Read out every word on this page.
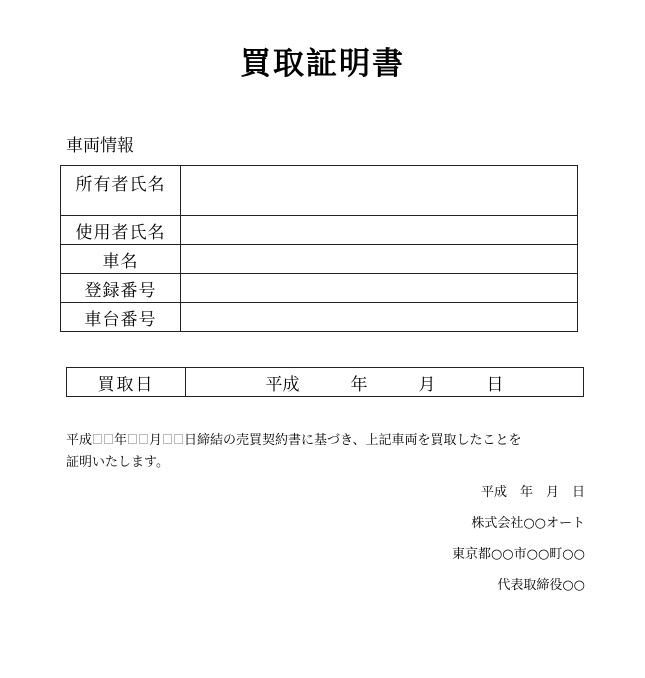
買取証明書
車両情報
所有者氏名	
使用者氏名	
車名	
登録番号	
車台番号	
買取日	平成　　　年　　　月　　　日
平成 年 月 日締結の売買契約書に基づき、上記車両を買取したことを
証明いたします。
平成　年　月　日
株式会社○○オート
東京都○○市○○町○○
代表取締役○○
